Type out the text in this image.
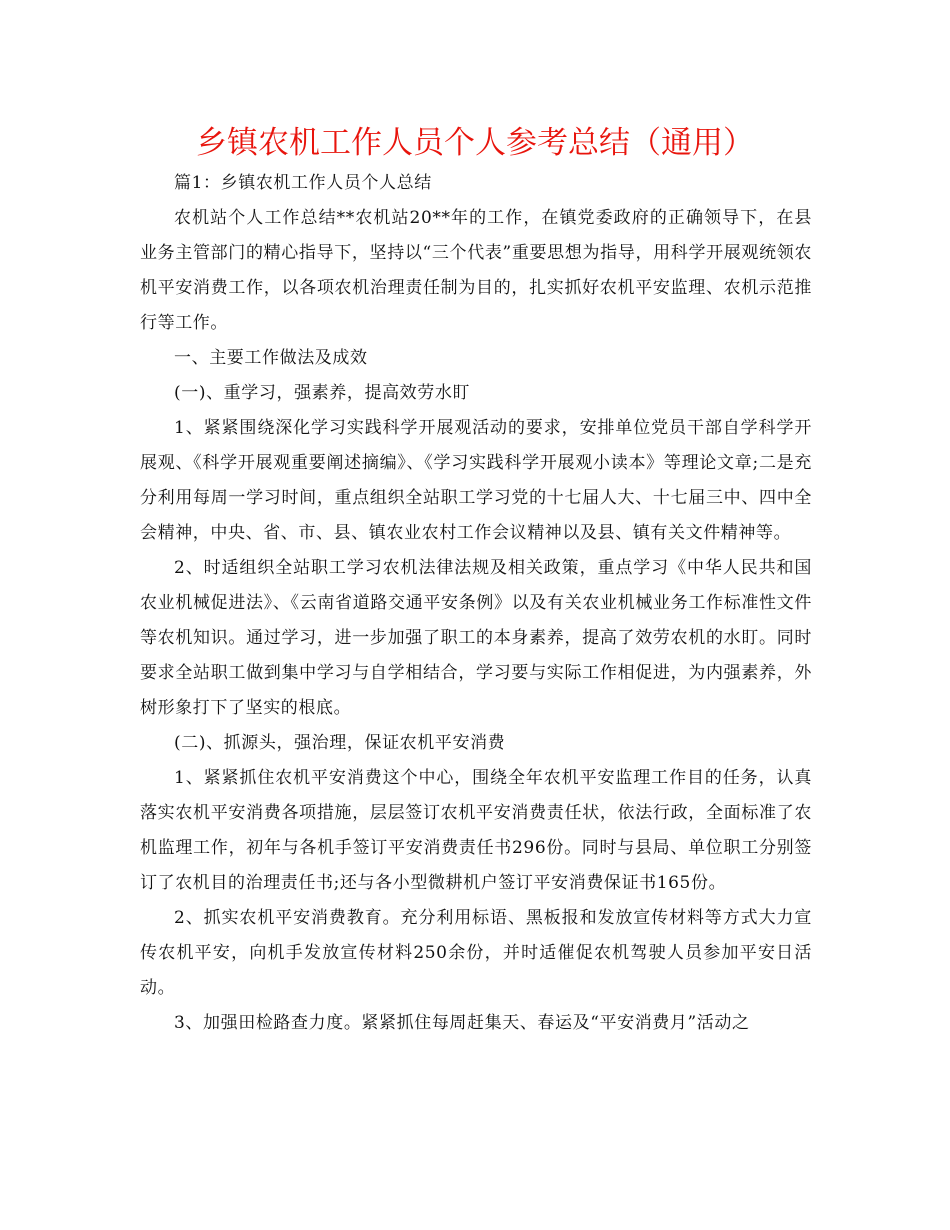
乡镇农机工作人员个人参考总结（通用）

篇1：乡镇农机工作人员个人总结

农机站个人工作总结**农机站20**年的工作，在镇党委政府的正确领导下，在县业务主管部门的精心指导下，坚持以“三个代表”重要思想为指导，用科学开展观统领农机平安消费工作，以各项农机治理责任制为目的，扎实抓好农机平安监理、农机示范推行等工作。

一、主要工作做法及成效

(一)、重学习，强素养，提高效劳水盯

1、紧紧围绕深化学习实践科学开展观活动的要求，安排单位党员干部自学科学开展观、《科学开展观重要阐述摘编》、《学习实践科学开展观小读本》等理论文章;二是充分利用每周一学习时间，重点组织全站职工学习党的十七届人大、十七届三中、四中全会精神，中央、省、市、县、镇农业农村工作会议精神以及县、镇有关文件精神等。

2、时适组织全站职工学习农机法律法规及相关政策，重点学习《中华人民共和国农业机械促进法》、《云南省道路交通平安条例》以及有关农业机械业务工作标准性文件等农机知识。通过学习，进一步加强了职工的本身素养，提高了效劳农机的水盯。同时要求全站职工做到集中学习与自学相结合，学习要与实际工作相促进，为内强素养，外树形象打下了坚实的根底。

(二)、抓源头，强治理，保证农机平安消费

1、紧紧抓住农机平安消费这个中心，围绕全年农机平安监理工作目的任务，认真落实农机平安消费各项措施，层层签订农机平安消费责任状，依法行政，全面标准了农机监理工作，初年与各机手签订平安消费责任书296份。同时与县局、单位职工分别签订了农机目的治理责任书;还与各小型微耕机户签订平安消费保证书165份。

2、抓实农机平安消费教育。充分利用标语、黑板报和发放宣传材料等方式大力宣传农机平安，向机手发放宣传材料250余份，并时适催促农机驾驶人员参加平安日活动。

3、加强田检路查力度。紧紧抓住每周赶集天、春运及“平安消费月”活动之
